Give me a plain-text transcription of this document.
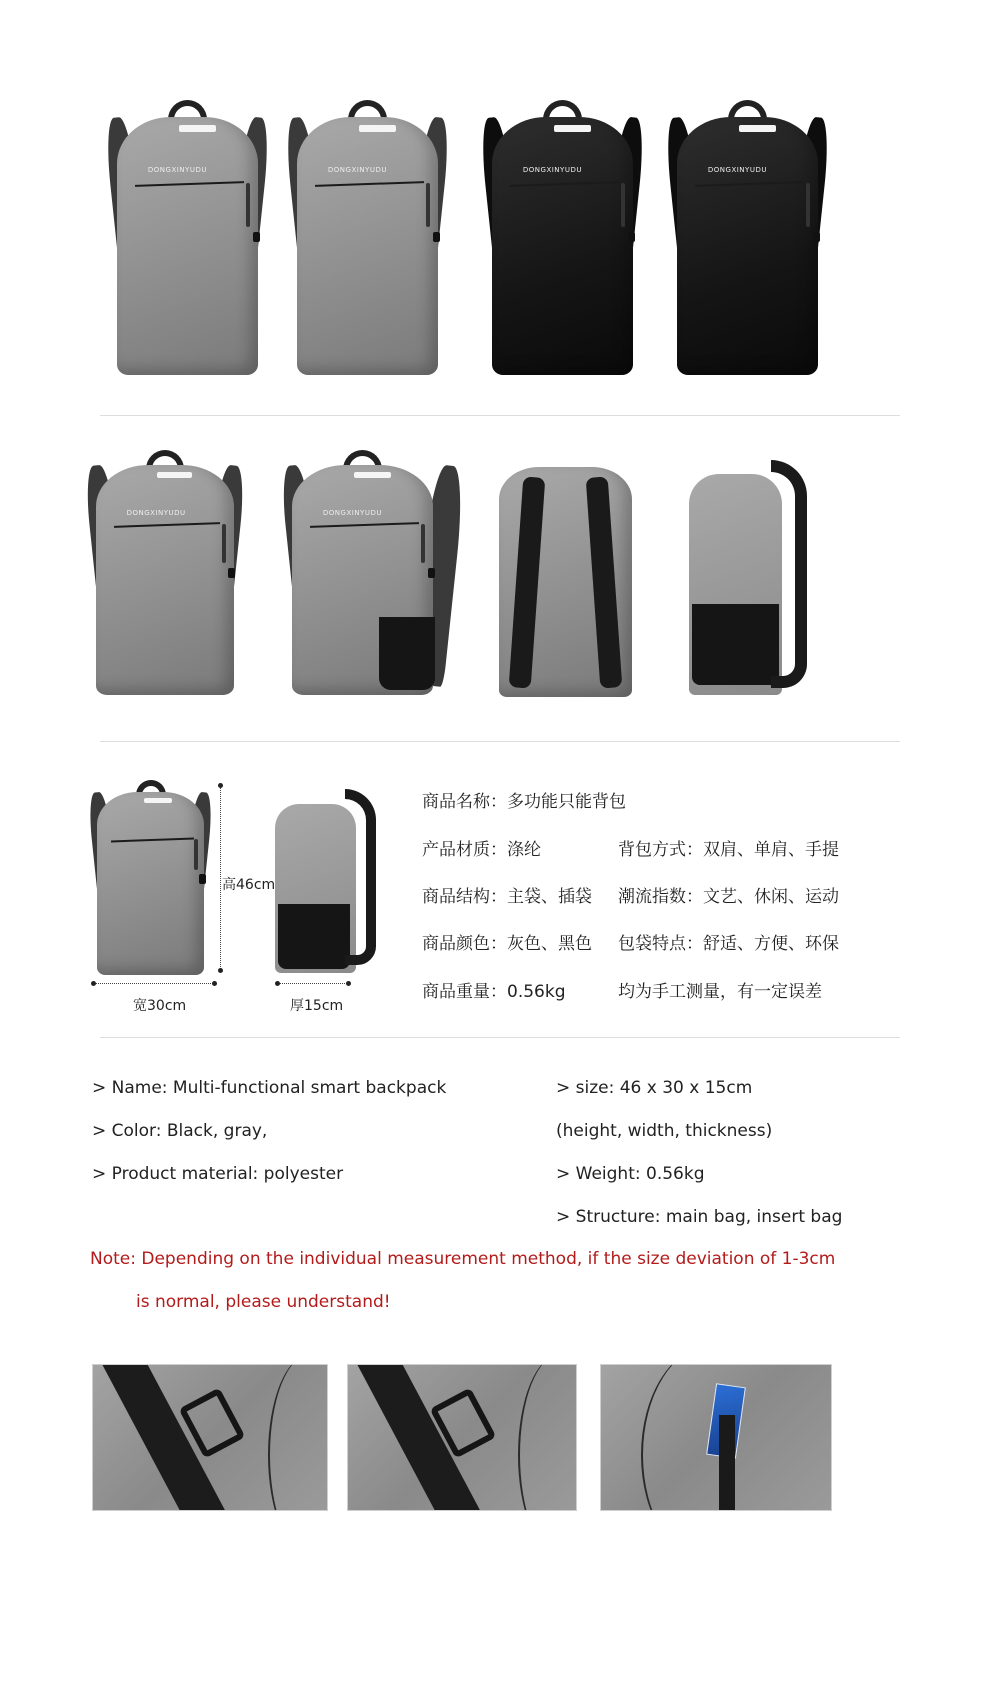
DONGXINYUDU	DONGXINYUDU	DONGXINYUDU	DONGXINYUDU
DONGXINYUDU	DONGXINYUDU
高46cm
宽30cm	厚15cm
商品名称：多功能只能背包
产品材质：涤纶	背包方式：双肩、单肩、手提
商品结构：主袋、插袋 潮流指数：文艺、休闲、运动
商品颜色：灰色、黑色 包袋特点：舒适、方便、环保
商品重量：0.56kg	均为手工测量，有一定误差
> Name: Multi-functional smart backpack
> Color: Black, gray,
> Product material: polyester
> size: 46 x 30 x 15cm
(height, width, thickness)
> Weight: 0.56kg
> Structure: main bag, insert bag
Note: Depending on the individual measurement method, if the size deviation of 1-3cm
is normal, please understand!
